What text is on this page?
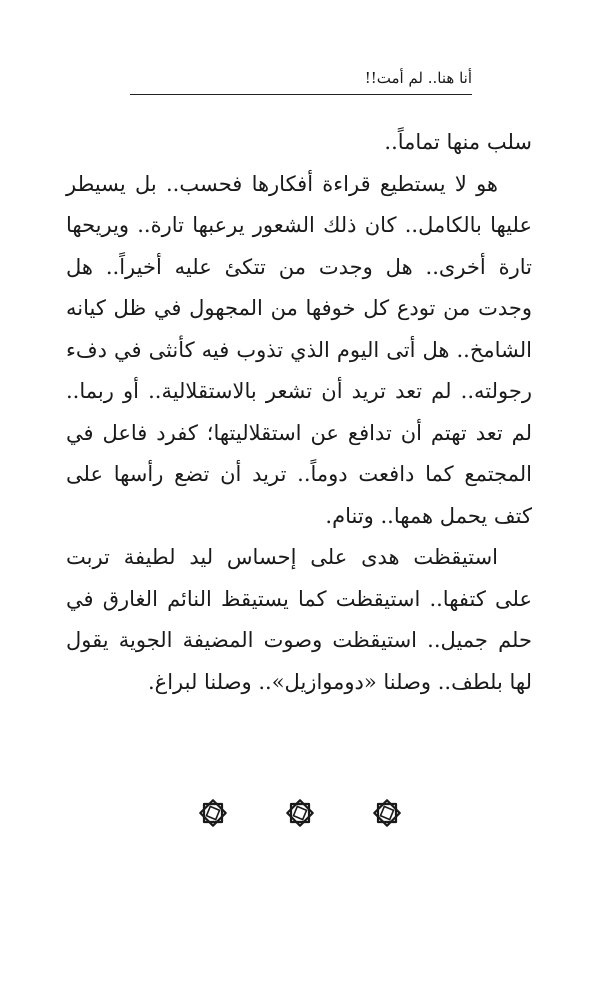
أنا هنا.. لم أمت!!

سلب منها تماماً..

هو لا يستطيع قراءة أفكارها فحسب.. بل يسيطر عليها بالكامل.. كان ذلك الشعور يرعبها تارة.. ويريحها تارة أخرى.. هل وجدت من تتكئ عليه أخيراً.. هل وجدت من تودع كل خوفها من المجهول في ظل كيانه الشامخ.. هل أتى اليوم الذي تذوب فيه كأنثى في دفء رجولته.. لم تعد تريد أن تشعر بالاستقلالية.. أو ربما.. لم تعد تهتم أن تدافع عن استقلاليتها؛ كفرد فاعل في المجتمع كما دافعت دوماً.. تريد أن تضع رأسها على كتف يحمل همها.. وتنام.

استيقظت هدى على إحساس ليد لطيفة تربت على كتفها.. استيقظت كما يستيقظ النائم الغارق في حلم جميل.. استيقظت وصوت المضيفة الجوية يقول لها بلطف.. وصلنا «دوموازيل».. وصلنا لبراغ.
